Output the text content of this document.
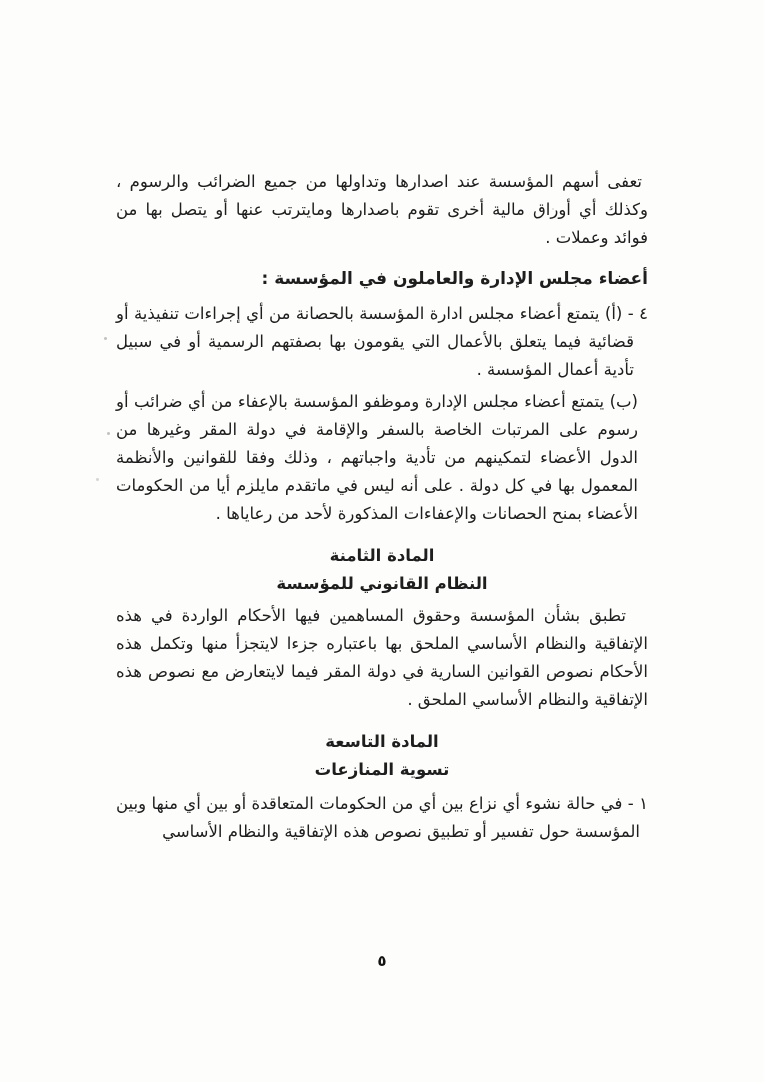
تعفى أسهم المؤسسة عند اصدارها وتداولها من جميع الضرائب والرسوم ، وكذلك أي أوراق مالية أخرى تقوم باصدارها ومايترتب عنها أو يتصل بها من فوائد وعملات .

أعضاء مجلس الإدارة والعاملون في المؤسسة :

٤ - (أ) يتمتع أعضاء مجلس ادارة المؤسسة بالحصانة من أي إجراءات تنفيذية أو قضائية فيما يتعلق بالأعمال التي يقومون بها بصفتهم الرسمية أو في سبيل تأدية أعمال المؤسسة .

(ب) يتمتع أعضاء مجلس الإدارة وموظفو المؤسسة بالإعفاء من أي ضرائب أو رسوم على المرتبات الخاصة بالسفر والإقامة في دولة المقر وغيرها من الدول الأعضاء لتمكينهم من تأدية واجباتهم ، وذلك وفقا للقوانين والأنظمة المعمول بها في كل دولة . على أنه ليس في ماتقدم مايلزم أيا من الحكومات الأعضاء بمنح الحصانات والإعفاءات المذكورة لأحد من رعاياها .

المادة الثامنة
النظام القانوني للمؤسسة

تطبق بشأن المؤسسة وحقوق المساهمين فيها الأحكام الواردة في هذه الإتفاقية والنظام الأساسي الملحق بها باعتباره جزءا لايتجزأ منها وتكمل هذه الأحكام نصوص القوانين السارية في دولة المقر فيما لايتعارض مع نصوص هذه الإتفاقية والنظام الأساسي الملحق .

المادة التاسعة
تسوية المنازعات

١ - في حالة نشوء أي نزاع بين أي من الحكومات المتعاقدة أو بين أي منها وبين المؤسسة حول تفسير أو تطبيق نصوص هذه الإتفاقية والنظام الأساسي

٥
